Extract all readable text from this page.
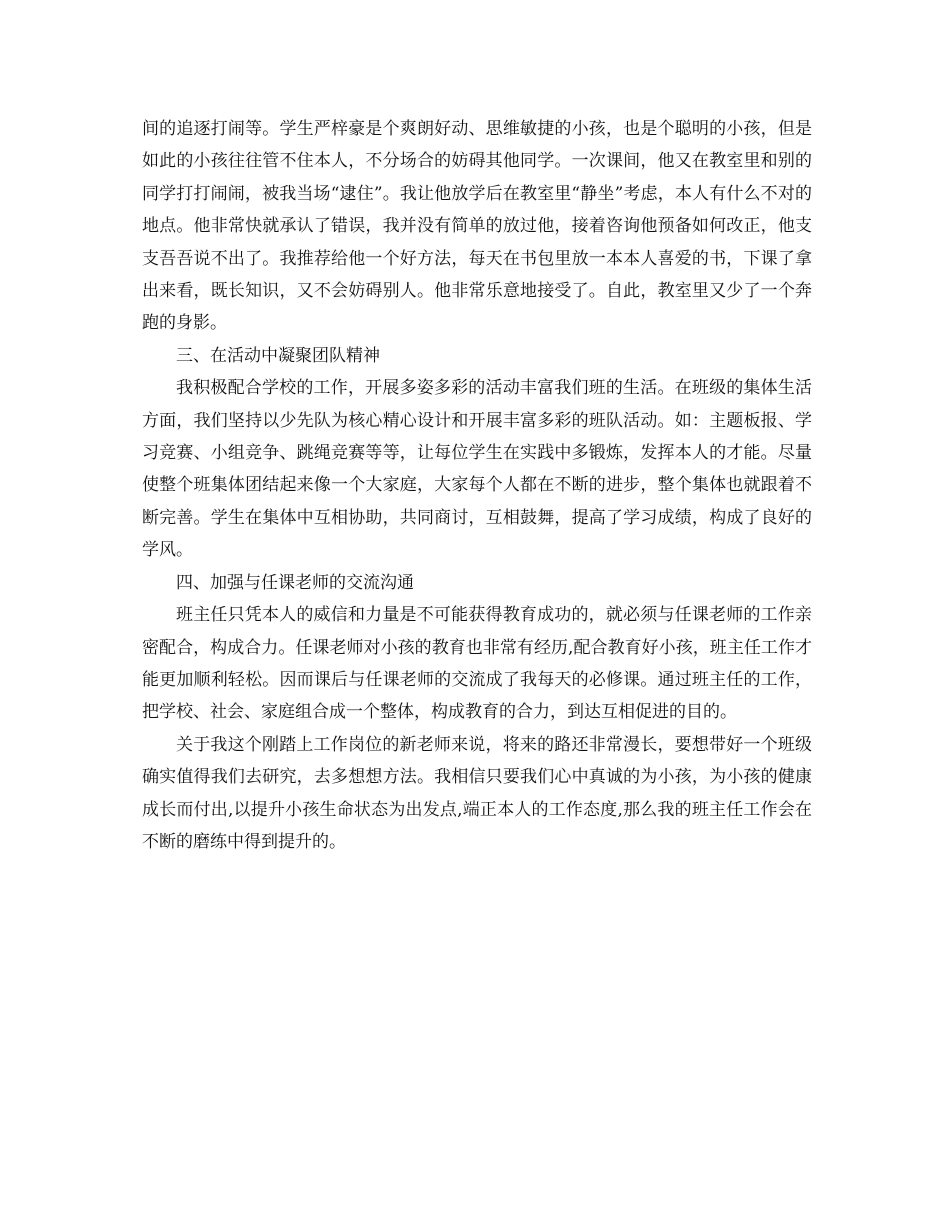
间的追逐打闹等。学生严梓豪是个爽朗好动、思维敏捷的小孩，也是个聪明的小孩，但是如此的小孩往往管不住本人，不分场合的妨碍其他同学。一次课间，他又在教室里和别的同学打打闹闹，被我当场“逮住”。我让他放学后在教室里“静坐”考虑，本人有什么不对的地点。他非常快就承认了错误，我并没有简单的放过他，接着咨询他预备如何改正，他支支吾吾说不出了。我推荐给他一个好方法，每天在书包里放一本本人喜爱的书，下课了拿出来看，既长知识，又不会妨碍别人。他非常乐意地接受了。自此，教室里又少了一个奔跑的身影。

三、在活动中凝聚团队精神

我积极配合学校的工作，开展多姿多彩的活动丰富我们班的生活。在班级的集体生活方面，我们坚持以少先队为核心精心设计和开展丰富多彩的班队活动。如：主题板报、学习竞赛、小组竞争、跳绳竞赛等等，让每位学生在实践中多锻炼，发挥本人的才能。尽量使整个班集体团结起来像一个大家庭，大家每个人都在不断的进步，整个集体也就跟着不断完善。学生在集体中互相协助，共同商讨，互相鼓舞，提高了学习成绩，构成了良好的学风。

四、加强与任课老师的交流沟通

班主任只凭本人的威信和力量是不可能获得教育成功的，就必须与任课老师的工作亲密配合，构成合力。任课老师对小孩的教育也非常有经历,配合教育好小孩，班主任工作才能更加顺利轻松。因而课后与任课老师的交流成了我每天的必修课。通过班主任的工作，把学校、社会、家庭组合成一个整体，构成教育的合力，到达互相促进的目的。

关于我这个刚踏上工作岗位的新老师来说，将来的路还非常漫长，要想带好一个班级确实值得我们去研究，去多想想方法。我相信只要我们心中真诚的为小孩，为小孩的健康成长而付出,以提升小孩生命状态为出发点,端正本人的工作态度,那么我的班主任工作会在不断的磨练中得到提升的。
